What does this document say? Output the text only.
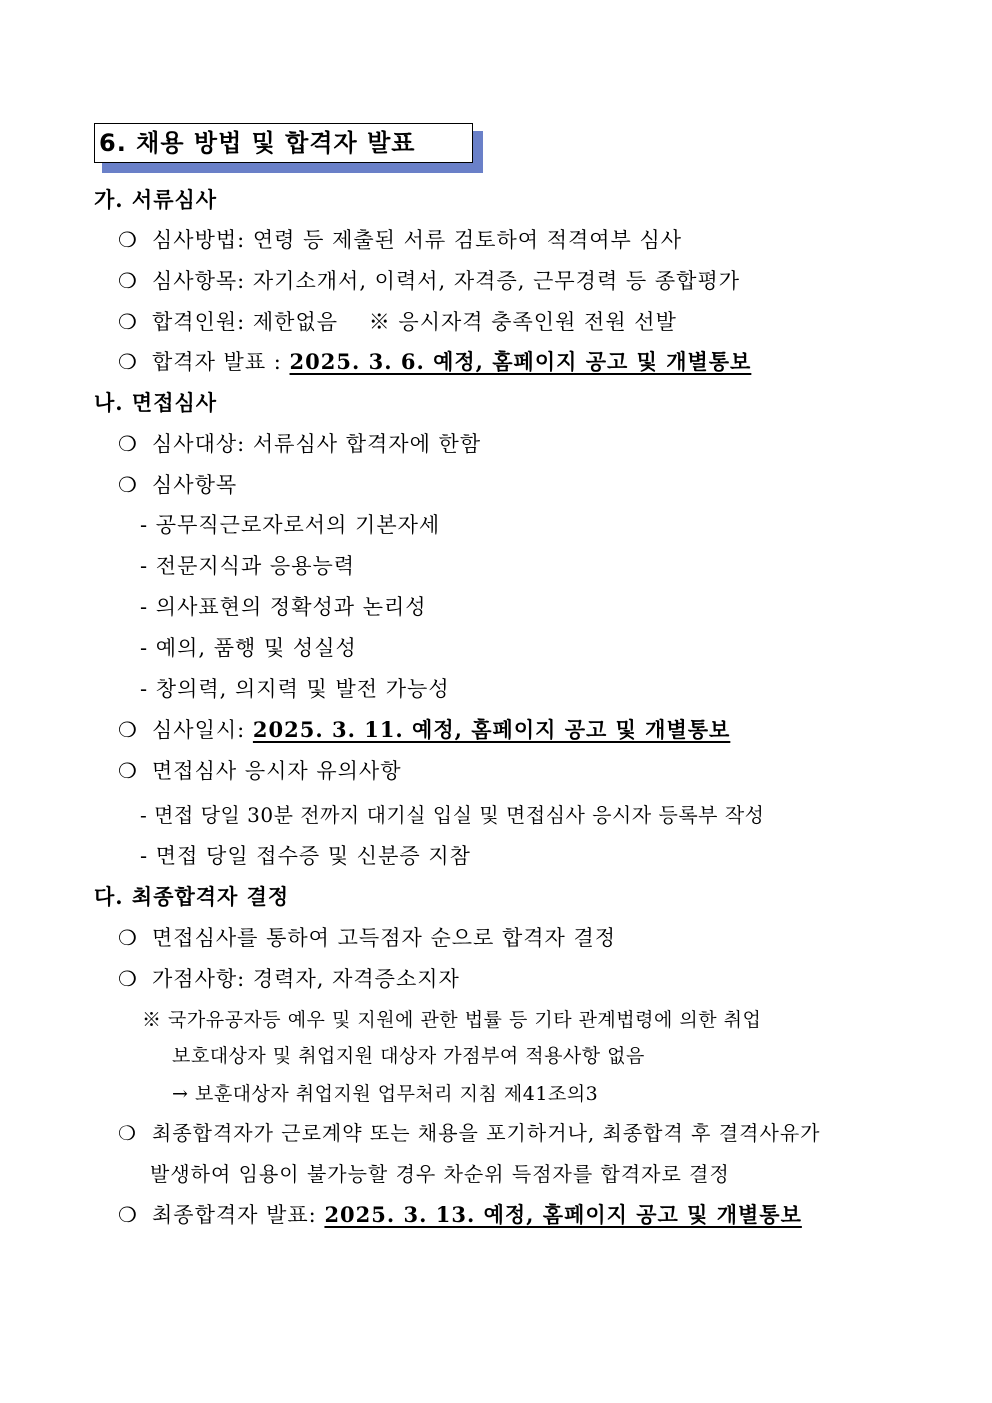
6. 채용 방법 및 합격자 발표
가. 서류심사
❍ 심사방법: 연령 등 제출된 서류 검토하여 적격여부 심사
❍ 심사항목: 자기소개서, 이력서, 자격증, 근무경력 등 종합평가
❍ 합격인원: 제한없음    ※ 응시자격 충족인원 전원 선발
❍ 합격자 발표 : 2025. 3. 6. 예정, 홈페이지 공고 및 개별통보
나. 면접심사
❍ 심사대상: 서류심사 합격자에 한함
❍ 심사항목
- 공무직근로자로서의 기본자세
- 전문지식과 응용능력
- 의사표현의 정확성과 논리성
- 예의, 품행 및 성실성
- 창의력, 의지력 및 발전 가능성
❍ 심사일시: 2025. 3. 11. 예정, 홈페이지 공고 및 개별통보
❍ 면접심사 응시자 유의사항
- 면접 당일 30분 전까지 대기실 입실 및 면접심사 응시자 등록부 작성
- 면접 당일 접수증 및 신분증 지참
다. 최종합격자 결정
❍ 면접심사를 통하여 고득점자 순으로 합격자 결정
❍ 가점사항: 경력자, 자격증소지자
※ 국가유공자등 예우 및 지원에 관한 법률 등 기타 관계법령에 의한 취업
보호대상자 및 취업지원 대상자 가점부여 적용사항 없음
→ 보훈대상자 취업지원 업무처리 지침 제41조의3
❍ 최종합격자가 근로계약 또는 채용을 포기하거나, 최종합격 후 결격사유가
발생하여 임용이 불가능할 경우 차순위 득점자를 합격자로 결정
❍ 최종합격자 발표: 2025. 3. 13. 예정, 홈페이지 공고 및 개별통보
